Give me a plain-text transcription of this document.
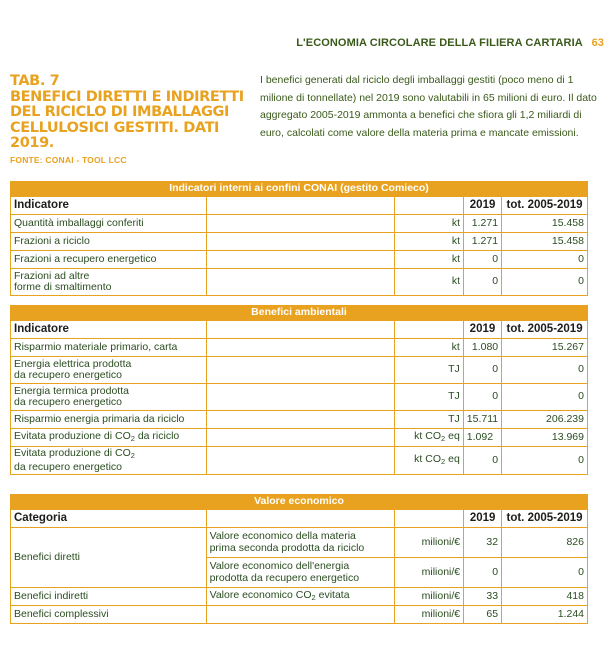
L'ECONOMIA CIRCOLARE DELLA FILIERA CARTARIA 63
TAB. 7
BENEFICI DIRETTI E INDIRETTI
DEL RICICLO DI IMBALLAGGI
CELLULOSICI GESTITI. DATI 2019.
FONTE: CONAI - TOOL LCC
I benefici generati dal riciclo degli imballaggi gestiti (poco meno di 1 milione di tonnellate) nel 2019 sono valutabili in 65 milioni di euro. Il dato aggregato 2005-2019 ammonta a benefici che sfiora gli 1,2 miliardi di euro, calcolati come valore della materia prima e mancate emissioni.
Indicatori interni ai confini CONAI (gestito Comieco)				
Indicatore			2019	tot. 2005-2019
Quantità imballaggi conferiti		kt	1.271	15.458
Frazioni a riciclo		kt	1.271	15.458
Frazioni a recupero energetico		kt	0	0
Frazioni ad altre
forme di smaltimento		kt	0	0
Benefici ambientali				
Indicatore			2019	tot. 2005-2019
Risparmio materiale primario, carta		kt	1.080	15.267
Energia elettrica prodotta
da recupero energetico		TJ	0	0
Energia termica prodotta
da recupero energetico		TJ	0	0
Risparmio energia primaria da riciclo		TJ	15.711	206.239
Evitata produzione di $CO_2$ da riciclo		kt $CO_2$ eq	1.092	13.969
Evitata produzione di $CO_2$
da recupero energetico		kt $CO_2$ eq	0	0
Valore economico				
Categoria			2019	tot. 2005-2019
Benefici diretti	Valore economico della materia
prima seconda prodotta da riciclo	milioni/€	32	826
	Valore economico dell'energia
prodotta da recupero energetico	milioni/€	0	0
Benefici indiretti	Valore economico $CO_2$ evitata	milioni/€	33	418
Benefici complessivi		milioni/€	65	1.244
